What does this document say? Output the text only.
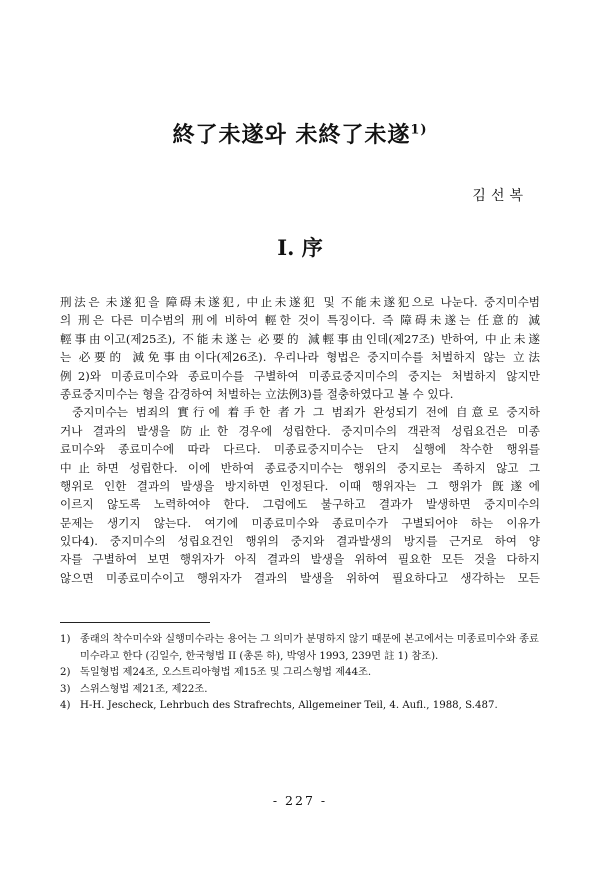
終了未遂와 未終了未遂$^{1)}$
김선복
I. 序
刑法은 未遂犯을 障碍未遂犯, 中止未遂犯 및 不能未遂犯으로 나눈다. 중지미수범
의 刑은 다른 미수범의 刑에 비하여 輕한 것이 특징이다. 즉 障碍未遂는 任意的 減
輕事由이고(제25조), 不能未遂는 必要的 減輕事由인데(제27조) 반하여, 中止未遂
는 必要的 減免事由이다(제26조). 우리나라 형법은 중지미수를 처벌하지 않는 立法
例2)와 미종료미수와 종료미수를 구별하여 미종료중지미수의 중지는 처벌하지 않지만
종료중지미수는 형을 감경하여 처벌하는 立法例3)를 절충하였다고 볼 수 있다.
중지미수는 범죄의 實行에 着手한 者가 그 범죄가 완성되기 전에 自意로 중지하
거나 결과의 발생을 防止한 경우에 성립한다. 중지미수의 객관적 성립요건은 미종
료미수와 종료미수에 따라 다르다. 미종료중지미수는 단지 실행에 착수한 행위를
中止하면 성립한다. 이에 반하여 종료중지미수는 행위의 중지로는 족하지 않고 그
행위로 인한 결과의 발생을 방지하면 인정된다. 이때 행위자는 그 행위가 旣遂에
이르지 않도록 노력하여야 한다. 그럼에도 불구하고 결과가 발생하면 중지미수의
문제는 생기지 않는다. 여기에 미종료미수와 종료미수가 구별되어야 하는 이유가
있다4). 중지미수의 성립요건인 행위의 중지와 결과발생의 방지를 근거로 하여 양
자를 구별하여 보면 행위자가 아직 결과의 발생을 위하여 필요한 모든 것을 다하지
않으면 미종료미수이고 행위자가 결과의 발생을 위하여 필요하다고 생각하는 모든
1) 종래의 착수미수와 실행미수라는 용어는 그 의미가 분명하지 않기 때문에 본고에서는 미종료미수와 종료미수라고 한다 (김일수, 한국형법 II (총론 하), 박영사 1993, 239면 註 1) 참조).
2) 독일형법 제24조, 오스트리아형법 제15조 및 그리스형법 제44조.
3) 스위스형법 제21조, 제22조.
4) H-H. Jescheck, Lehrbuch des Strafrechts, Allgemeiner Teil, 4. Aufl., 1988, S.487.
- 227 -
